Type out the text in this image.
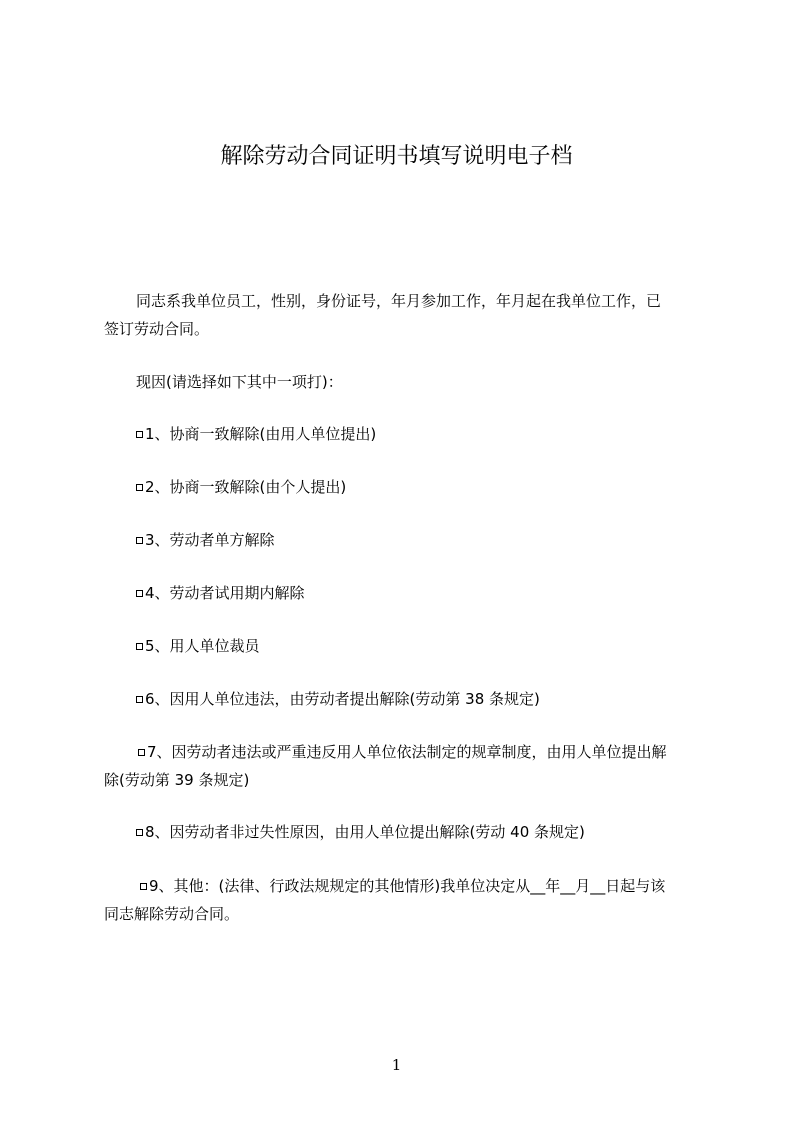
解除劳动合同证明书填写说明电子档
同志系我单位员工，性别，身份证号，年月参加工作，年月起在我单位工作，已
签订劳动合同。
现因(请选择如下其中一项打)：
1、协商一致解除(由用人单位提出)
2、协商一致解除(由个人提出)
3、劳动者单方解除
4、劳动者试用期内解除
5、用人单位裁员
6、因用人单位违法，由劳动者提出解除(劳动第 38 条规定)
7、因劳动者违法或严重违反用人单位依法制定的规章制度，由用人单位提出解
除(劳动第 39 条规定)
8、因劳动者非过失性原因，由用人单位提出解除(劳动 40 条规定)
9、其他：(法律、行政法规规定的其他情形)我单位决定从__年__月__日起与该
同志解除劳动合同。
1
